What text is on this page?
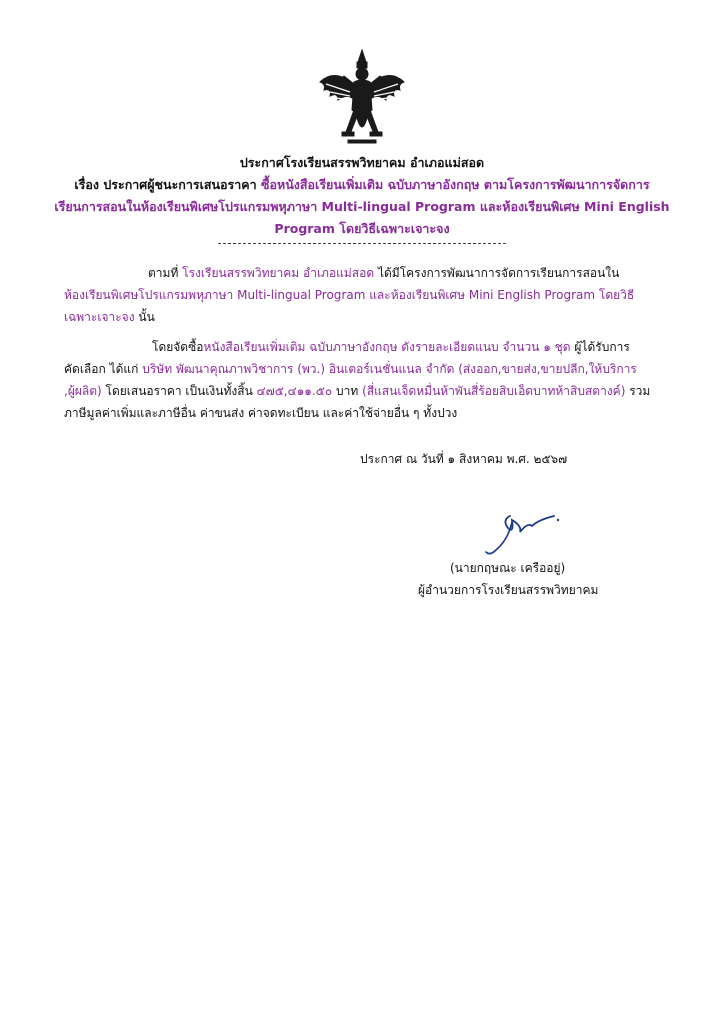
ประกาศโรงเรียนสรรพวิทยาคม อำเภอแม่สอด
เรื่อง ประกาศผู้ชนะการเสนอราคา ซื้อหนังสือเรียนเพิ่มเติม ฉบับภาษาอังกฤษ ตามโครงการพัฒนาการจัดการ
เรียนการสอนในห้องเรียนพิเศษโปรแกรมพหุภาษา Multi-lingual Program และห้องเรียนพิเศษ Mini English
Program โดยวิธีเฉพาะเจาะจง
ตามที่ โรงเรียนสรรพวิทยาคม อำเภอแม่สอด ได้มีโครงการพัฒนาการจัดการเรียนการสอนใน
ห้องเรียนพิเศษโปรแกรมพหุภาษา Multi-lingual Program และห้องเรียนพิเศษ Mini English Program โดยวิธี
เฉพาะเจาะจง นั้น
โดยจัดซื้อหนังสือเรียนเพิ่มเติม ฉบับภาษาอังกฤษ ตังรายละเอียดแนบ จำนวน ๑ ชุด ผู้ได้รับการ
คัดเลือก ได้แก่ บริษัท พัฒนาคุณภาพวิชาการ (พว.) อินเตอร์เนชั่นแนล จำกัด (ส่งออก,ขายส่ง,ขายปลีก,ให้บริการ
,ผู้ผลิต) โดยเสนอราคา เป็นเงินทั้งสิ้น ๔๗๕,๔๑๑.๕๐ บาท (สี่แสนเจ็ดหมื่นห้าพันสี่ร้อยสิบเอ็ดบาทห้าสิบสตางค์) รวม
ภาษีมูลค่าเพิ่มและภาษีอื่น ค่าขนส่ง ค่าจดทะเบียน และค่าใช้จ่ายอื่น ๆ ทั้งปวง
ประกาศ ณ วันที่ ๑ สิงหาคม พ.ศ. ๒๕๖๗
(นายกฤษณะ เครืออยู่)
ผู้อำนวยการโรงเรียนสรรพวิทยาคม
